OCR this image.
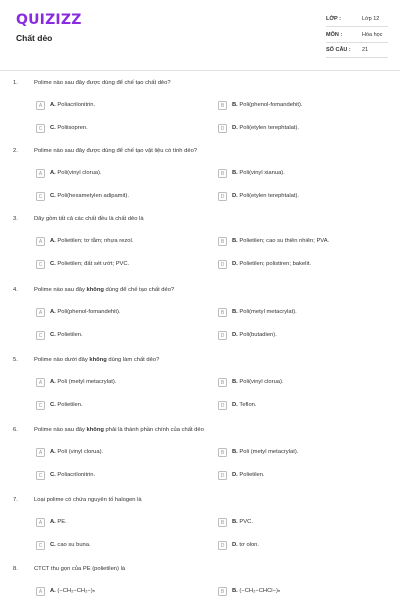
QUIZIZZ
Chất dẻo
LỚP :	Lớp 12
MÔN :	Hóa học
SỐ CÂU : 21
1.	Polime nào sau đây được dùng để chế tạo chất dẻo?
A	A. Poliacrilonitrin.	B	B. Poli(phenol-fomandehit).
C	C. Poliisopren.	D	D. Poli(etylen terephtalat).
2.	Polime nào sau đây được dùng để chế tạo vật liệu có tính dẻo?
A	A. Poli(vinyl clorua).	B	B. Poli(vinyl xianua).
C	C. Poli(hexametylen adipamit).	D	D. Poli(etylen terephtalat).
3.	Dãy gồm tất cả các chất đều là chất dẻo là
A	A. Polietilen; tơ tằm; nhựa rezol.	B	B. Polietilen; cao su thiên nhiên; PVA.
C	C. Polietilen; đất sét ướt; PVC.	D	D. Polietilen; polistiren; bakelit.
4.	Polime nào sau đây không dùng để chế tạo chất dẻo?
A	A. Poli(phenol-fomandehit).	B	B. Poli(metyl metacrylat).
C	C. Polietilen.	D	D. Poli(butadien).
5.	Polime nào dưới đây không dùng làm chất dẻo?
A	A. Poli (metyl metacrylat).	B	B. Poli(vinyl clorua).
C	C. Polietilen.	D	D. Teflon.
6.	Polime nào sau đây không phải là thành phần chính của chất dẻo
A	A. Poli (vinyl clorua).	B	B. Poli (metyl metacrylat).
C	C. Poliacrilonitrin.	D	D. Polietilen.
7.	Loại polime có chứa nguyên tố halogen là
A	A. PE.	B	B. PVC.
C	C. cao su buna.	D	D. tơ olon.
8.	CTCT thu gọn của PE (polietilen) là
A	A. (−CH₂−CH₂−)ₙ	B	B. (−CH₂−CHCl−)ₙ
